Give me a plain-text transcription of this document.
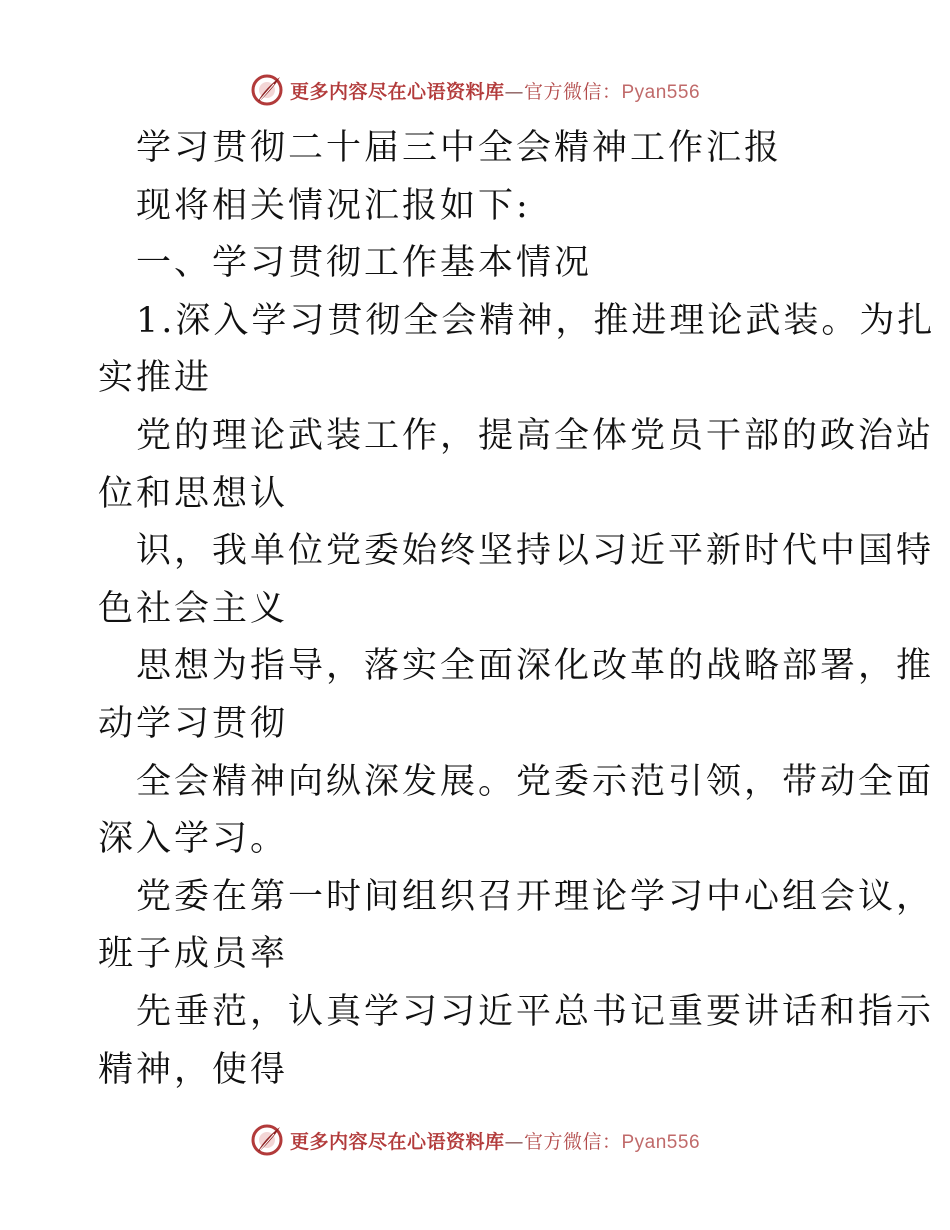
更多内容尽在心语资料库—官方微信：Pyan556

学习贯彻二十届三中全会精神工作汇报

现将相关情况汇报如下:

一、学习贯彻工作基本情况

1.深入学习贯彻全会精神，推进理论武装。为扎

实推进

党的理论武装工作，提高全体党员干部的政治站

位和思想认

识，我单位党委始终坚持以习近平新时代中国特

色社会主义

思想为指导，落实全面深化改革的战略部署，推

动学习贯彻

全会精神向纵深发展。党委示范引领，带动全面

深入学习。

党委在第一时间组织召开理论学习中心组会议，

班子成员率

先垂范，认真学习习近平总书记重要讲话和指示

精神，使得

更多内容尽在心语资料库—官方微信：Pyan556
